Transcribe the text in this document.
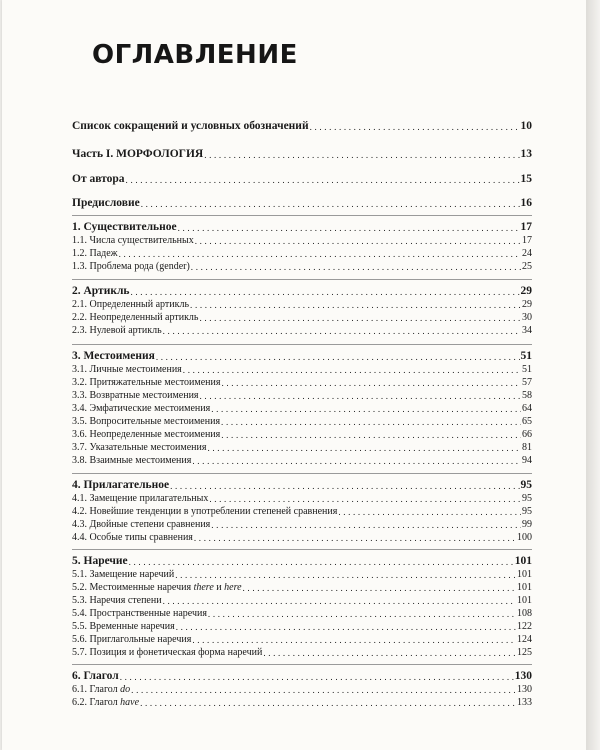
ОГЛАВЛЕНИЕ
Список сокращений и условных обозначений . . .	10
Часть I. МОРФОЛОГИЯ . . .	13
От автора . . .	15
Предисловие . . .	16
1. Существительное . . .	17
1.1. Числа существительных . . .	17
1.2. Падеж . . .	24
1.3. Проблема рода (gender) . . .	25
2. Артикль . . .	29
2.1. Определенный артикль . . .	29
2.2. Неопределенный артикль . . .	30
2.3. Нулевой артикль . . .	34
3. Местоимения . . .	51
3.1. Личные местоимения . . .	51
3.2. Притяжательные местоимения . . .	57
3.3. Возвратные местоимения . . .	58
3.4. Эмфатические местоимения . . .	64
3.5. Вопросительные местоимения . . .	65
3.6. Неопределенные местоимения . . .	66
3.7. Указательные местоимения . . .	81
3.8. Взаимные местоимения . . .	94
4. Прилагательное . . .	95
4.1. Замещение прилагательных . . .	95
4.2. Новейшие тенденции в употреблении степеней сравнения . . .	95
4.3. Двойные степени сравнения . . .	99
4.4. Особые типы сравнения . . .	100
5. Наречие . . .	101
5.1. Замещение наречий . . .	101
5.2. Местоименные наречия there и here . . .	101
5.3. Наречия степени . . .	101
5.4. Пространственные наречия . . .	108
5.5. Временные наречия . . .	122
5.6. Приглагольные наречия . . .	124
5.7. Позиция и фонетическая форма наречий . . .	125
6. Глагол . . .	130
6.1. Глагол do . . .	130
6.2. Глагол have . . .	133
